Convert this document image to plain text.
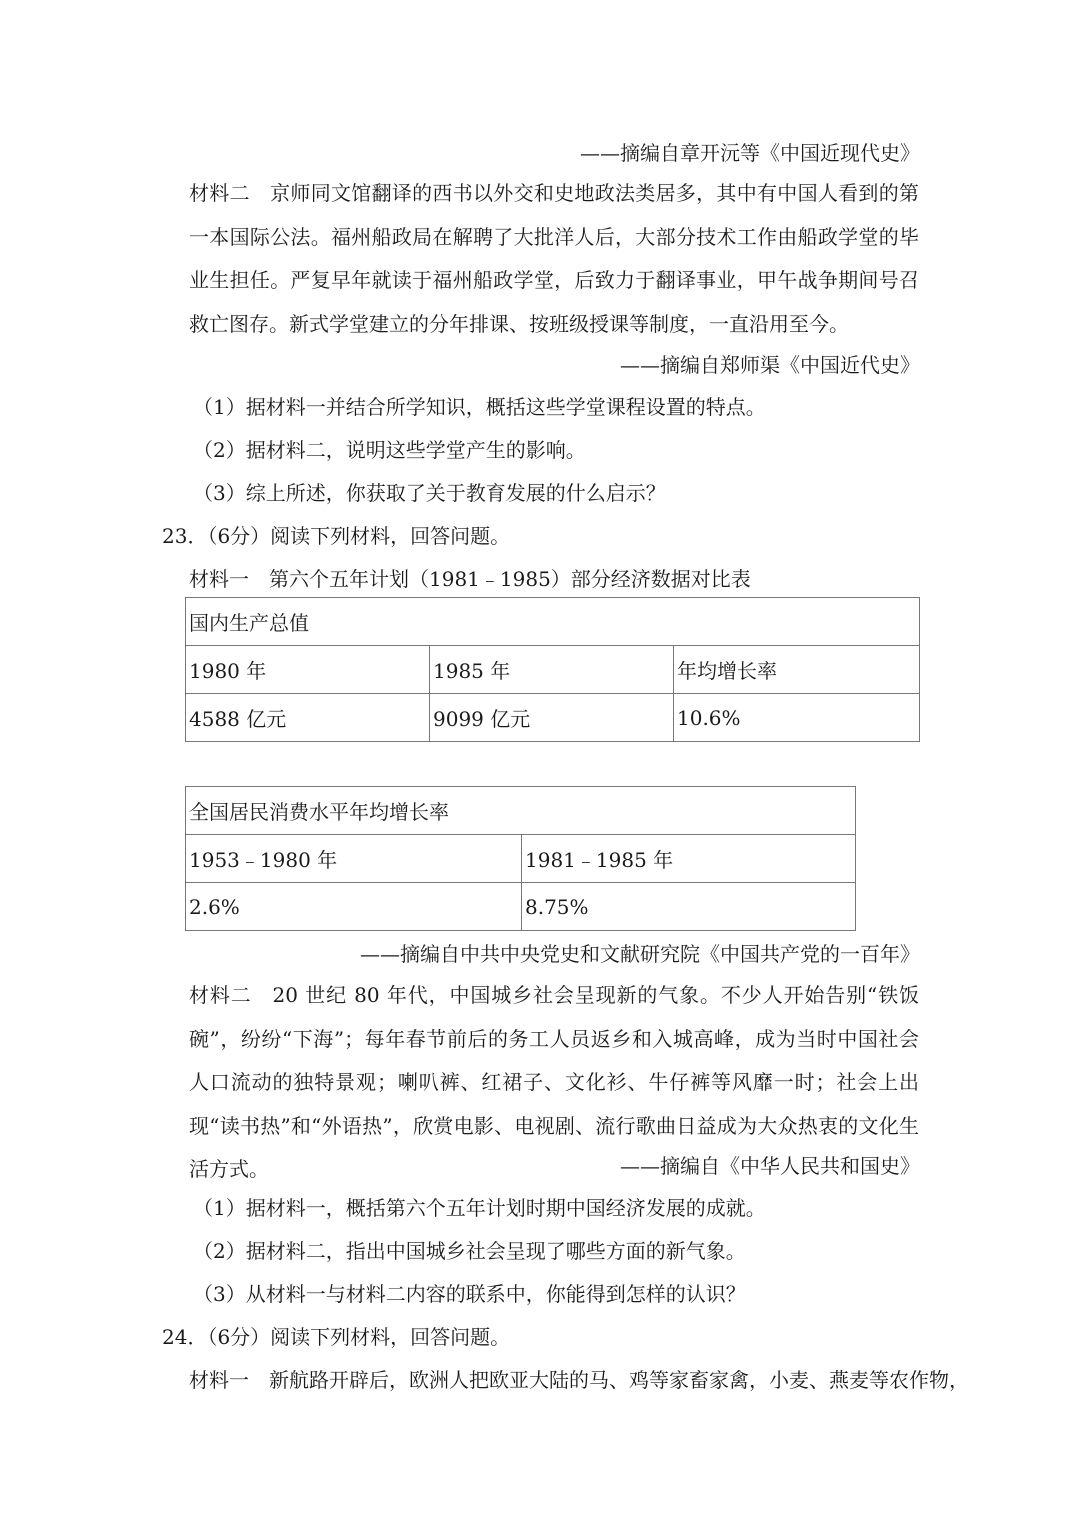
——摘编自章开沅等《中国近现代史》
材料二　京师同文馆翻译的西书以外交和史地政法类居多，其中有中国人看到的第一本国际公法。福州船政局在解聘了大批洋人后，大部分技术工作由船政学堂的毕业生担任。严复早年就读于福州船政学堂，后致力于翻译事业，甲午战争期间号召救亡图存。新式学堂建立的分年排课、按班级授课等制度，一直沿用至今。
——摘编自郑师渠《中国近代史》
（1）据材料一并结合所学知识，概括这些学堂课程设置的特点。
（2）据材料二，说明这些学堂产生的影响。
（3）综上所述，你获取了关于教育发展的什么启示？
23．（6分）阅读下列材料，回答问题。
材料一　第六个五年计划（1981﹣1985）部分经济数据对比表
国内生产总值		
1980 年	1985 年	年均增长率
4588 亿元	9099 亿元	10.6%
全国居民消费水平年均增长率	
1953﹣1980 年	1981﹣1985 年
2.6%	8.75%
——摘编自中共中央党史和文献研究院《中国共产党的一百年》
材料二　20 世纪 80 年代，中国城乡社会呈现新的气象。不少人开始告别“铁饭碗”，纷纷“下海”；每年春节前后的务工人员返乡和入城高峰，成为当时中国社会人口流动的独特景观；喇叭裤、红裙子、文化衫、牛仔裤等风靡一时；社会上出现“读书热”和“外语热”，欣赏电影、电视剧、流行歌曲日益成为大众热衷的文化生活方式。	——摘编自《中华人民共和国史》
（1）据材料一，概括第六个五年计划时期中国经济发展的成就。
（2）据材料二，指出中国城乡社会呈现了哪些方面的新气象。
（3）从材料一与材料二内容的联系中，你能得到怎样的认识？
24．（6分）阅读下列材料，回答问题。
材料一　新航路开辟后，欧洲人把欧亚大陆的马、鸡等家畜家禽，小麦、燕麦等农作物，
